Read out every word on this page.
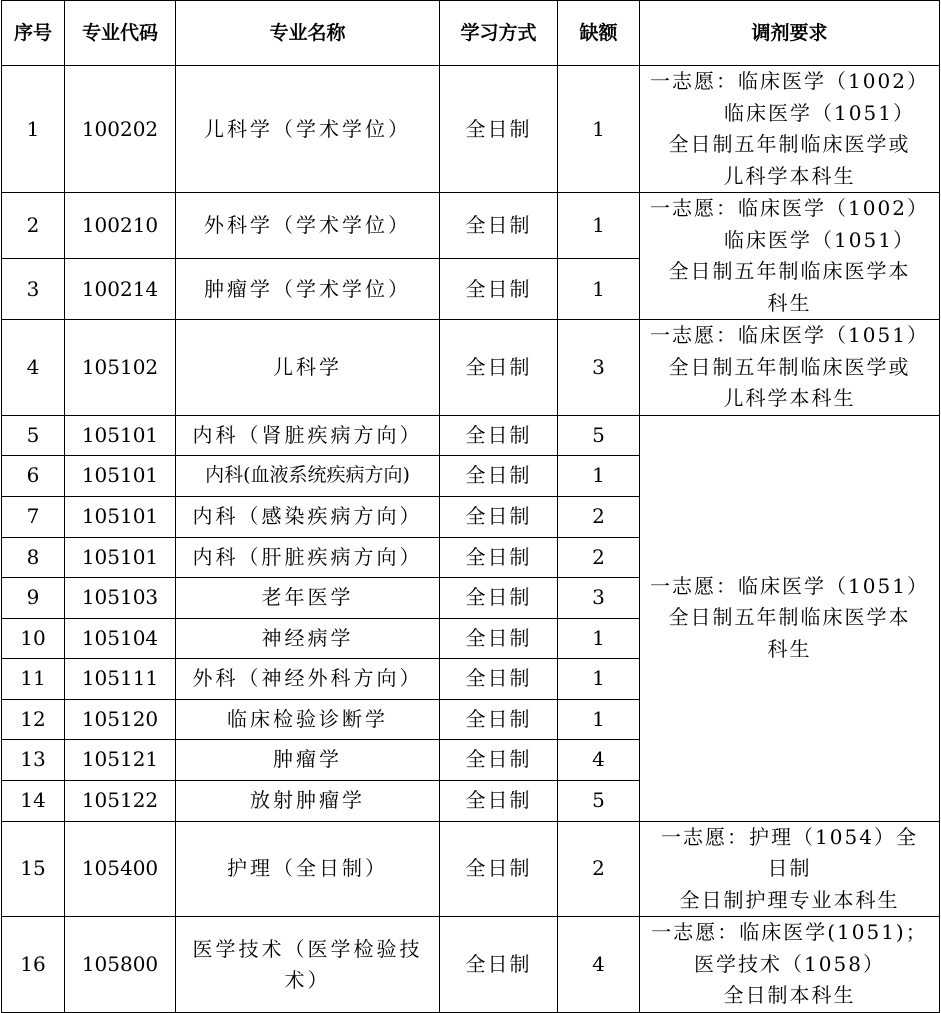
序号	专业代码	专业名称	学习方式	缺额	调剂要求
1	100202	儿科学（学术学位）	全日制	1	一志愿：临床医学（1002）
临床医学（1051）
全日制五年制临床医学或
儿科学本科生

2	100210	外科学（学术学位）	全日制	1	一志愿：临床医学（1002）
临床医学（1051）
全日制五年制临床医学本
科生

3	100214	肿瘤学（学术学位）	全日制	1	
4	105102	儿科学	全日制	3	一志愿：临床医学（1051）
全日制五年制临床医学或
儿科学本科生

5	105101	内科（肾脏疾病方向）	全日制	5	一志愿：临床医学（1051）
全日制五年制临床医学本
科生

6	105101	内科(血液系统疾病方向)	全日制	1	
7	105101	内科（感染疾病方向）	全日制	2	
8	105101	内科（肝脏疾病方向）	全日制	2	
9	105103	老年医学	全日制	3	
10	105104	神经病学	全日制	1	
11	105111	外科（神经外科方向）	全日制	1	
12	105120	临床检验诊断学	全日制	1	
13	105121	肿瘤学	全日制	4	
14	105122	放射肿瘤学	全日制	5	
15	105400	护理（全日制）	全日制	2	一志愿：护理（1054）全
日制
全日制护理专业本科生

16	105800	医学技术（医学检验技术）	全日制	4	一志愿：临床医学(1051)；
医学技术（1058）
全日制本科生
